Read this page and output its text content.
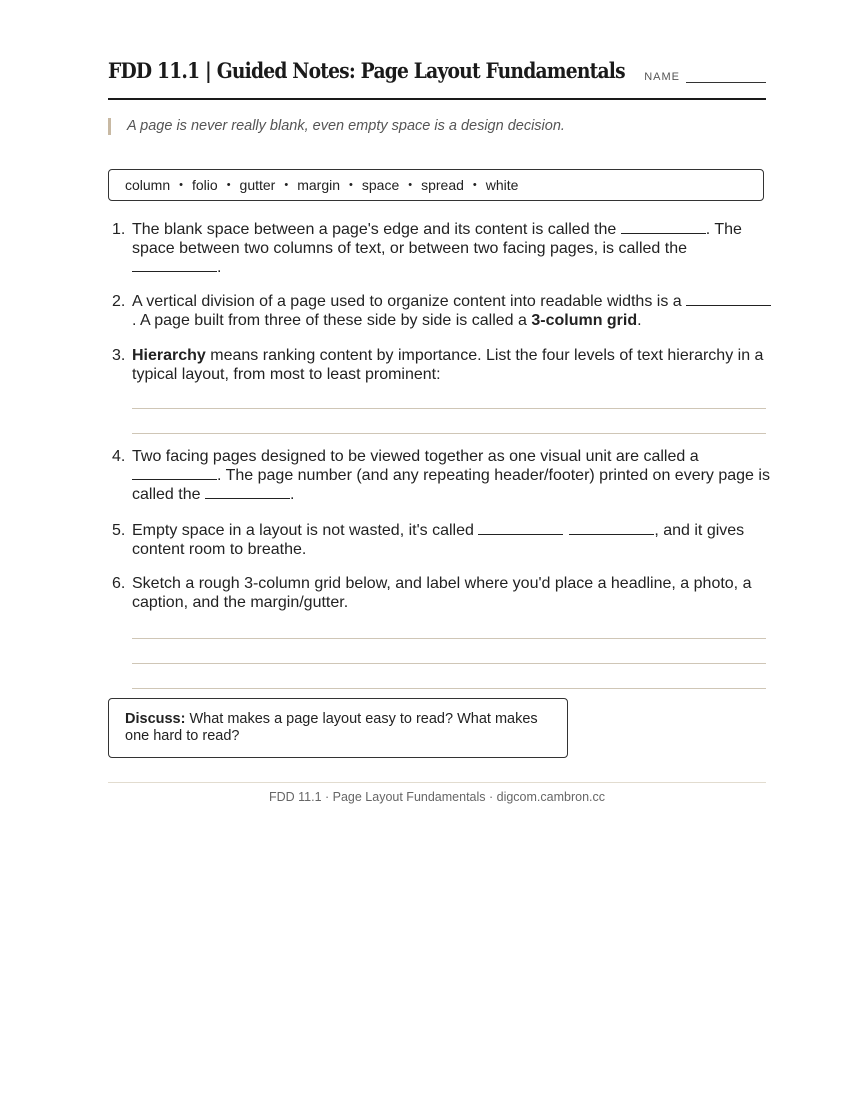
FDD 11.1 | Guided Notes: Page Layout Fundamentals NAME
A page is never really blank, even empty space is a design decision.
column • folio • gutter • margin • space • spread • white
1. The blank space between a page's edge and its content is called the	. The space between two columns of text, or between two facing pages, is called the .
2. A vertical division of a page used to organize content into readable widths is a . A page built from three of these side by side is called a 3-column grid.
3. Hierarchy means ranking content by importance. List the four levels of text hierarchy in a typical layout, from most to least prominent:
4. Two facing pages designed to be viewed together as one visual unit are called a . The page number (and any repeating header/footer) printed on every page is called the	.
5. Empty space in a layout is not wasted, it's called	, and it gives content room to breathe.
6. Sketch a rough 3-column grid below, and label where you'd place a headline, a photo, a caption, and the margin/gutter.
Discuss: What makes a page layout easy to read? What makes one hard to read?
FDD 11.1 · Page Layout Fundamentals · digcom.cambron.cc
